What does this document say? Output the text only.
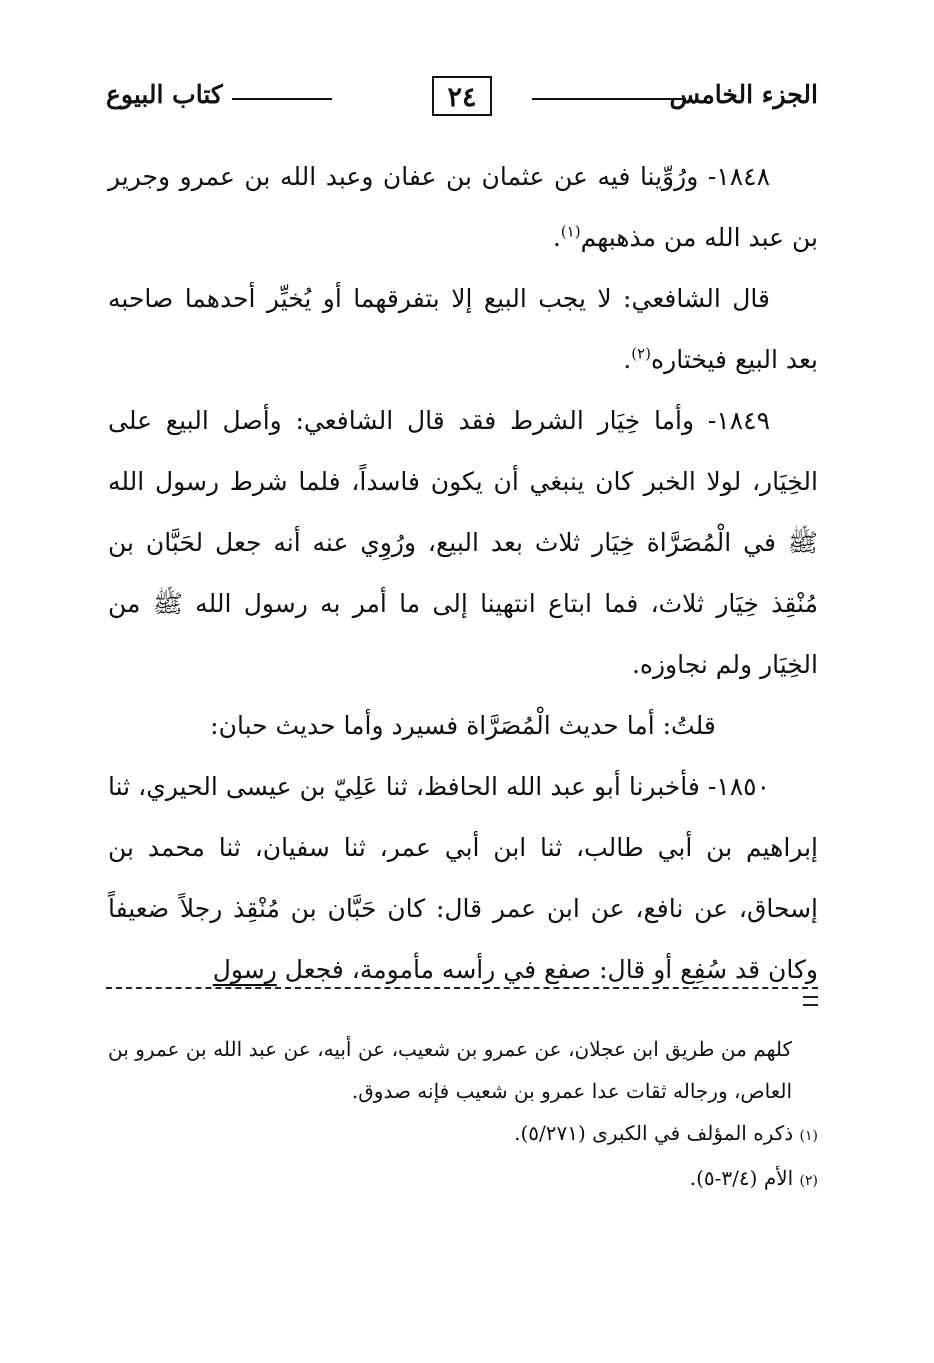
الجزء الخامس
٢٤
كتاب البيوع

١٨٤٨- ورُوِّينا فيه عن عثمان بن عفان وعبد الله بن عمرو وجرير بن عبد الله من مذهبهم$^{(١)}$.

قال الشافعي: لا يجب البيع إلا بتفرقهما أو يُخيِّر أحدهما صاحبه بعد البيع فيختاره$^{(٢)}$.

١٨٤٩- وأما خِيَار الشرط فقد قال الشافعي: وأصل البيع على الخِيَار، لولا الخبر كان ينبغي أن يكون فاسداً، فلما شرط رسول الله ﷺ في الْمُصَرَّاة خِيَار ثلاث بعد البيع، ورُوِي عنه أنه جعل لحَبَّان بن مُنْقِذ خِيَار ثلاث، فما ابتاع انتهينا إلى ما أمر به رسول الله ﷺ من الخِيَار ولم نجاوزه.

قلتُ: أما حديث الْمُصَرَّاة فسيرد وأما حديث حبان:

١٨٥٠- فأخبرنا أبو عبد الله الحافظ، ثنا عَلِيّ بن عيسى الحيري، ثنا إبراهيم بن أبي طالب، ثنا ابن أبي عمر، ثنا سفيان، ثنا محمد بن إسحاق، عن نافع، عن ابن عمر قال: كان حَبَّان بن مُنْقِذ رجلاً ضعيفاً وكان قد سُفِع أو قال: صفع في رأسه مأمومة، فجعل رسول

كلهم من طريق ابن عجلان، عن عمرو بن شعيب، عن أبيه، عن عبد الله بن عمرو بن العاص، ورجاله ثقات عدا عمرو بن شعيب فإنه صدوق.

(١) ذكره المؤلف في الكبرى (٥/٢٧١).

(٢) الأم (٣/٤-٥).
